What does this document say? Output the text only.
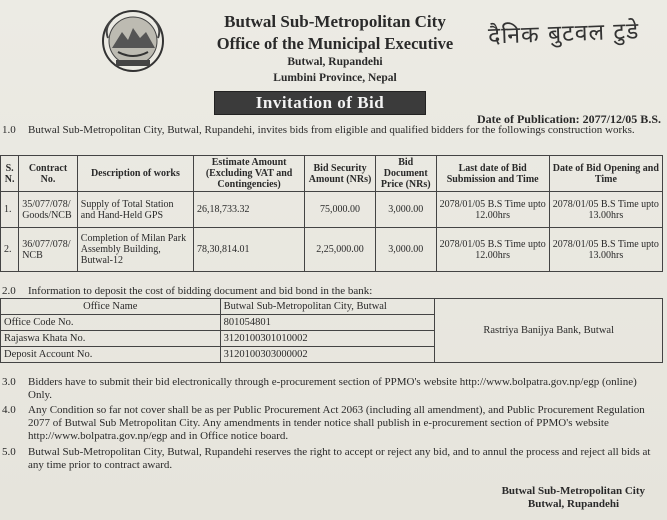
Butwal Sub-Metropolitan City
Office of the Municipal Executive
Butwal, Rupandehi
Lumbini Province, Nepal
दैनिक बुटवल टुडे
Invitation of Bid
Date of Publication: 2077/12/05 B.S.
1.0 Butwal Sub-Metropolitan City, Butwal, Rupandehi, invites bids from eligible and qualified bidders for the followings construction works.
S. N.	Contract No.	Description of works	Estimate Amount (Excluding VAT and Contingencies)	Bid Security Amount (NRs)	Bid Document Price (NRs)	Last date of Bid Submission and Time	Date of Bid Opening and Time
1.	35/077/078/ Goods/NCB	Supply of Total Station and Hand-Held GPS	26,18,733.32	75,000.00	3,000.00	2078/01/05 B.S Time upto 12.00hrs	2078/01/05 B.S Time upto 13.00hrs
2.	36/077/078/ NCB	Completion of Milan Park Assembly Building, Butwal-12	78,30,814.01	2,25,000.00	3,000.00	2078/01/05 B.S Time upto 12.00hrs	2078/01/05 B.S Time upto 13.00hrs
2.0 Information to deposit the cost of bidding document and bid bond in the bank:
Office Name	Butwal Sub-Metropolitan City, Butwal	Rastriya Banijya Bank, Butwal
Office Code No.	801054801	
Rajaswa Khata No.	3120100301010002	
Deposit Account No.	3120100303000002	
3.0 Bidders have to submit their bid electronically through e-procurement section of PPMO's website http://www.bolpatra.gov.np/egp (online) Only.
4.0 Any Condition so far not cover shall be as per Public Procurement Act 2063 (including all amendment), and Public Procurement Regulation 2077 of Butwal Sub Metropolitan City. Any amendments in tender notice shall publish in e-procurement section of PPMO's website http://www.bolpatra.gov.np/egp and in Office notice board.
5.0 Butwal Sub-Metropolitan City, Butwal, Rupandehi reserves the right to accept or reject any bid, and to annul the process and reject all bids at any time prior to contract award.
Butwal Sub-Metropolitan City
Butwal, Rupandehi
